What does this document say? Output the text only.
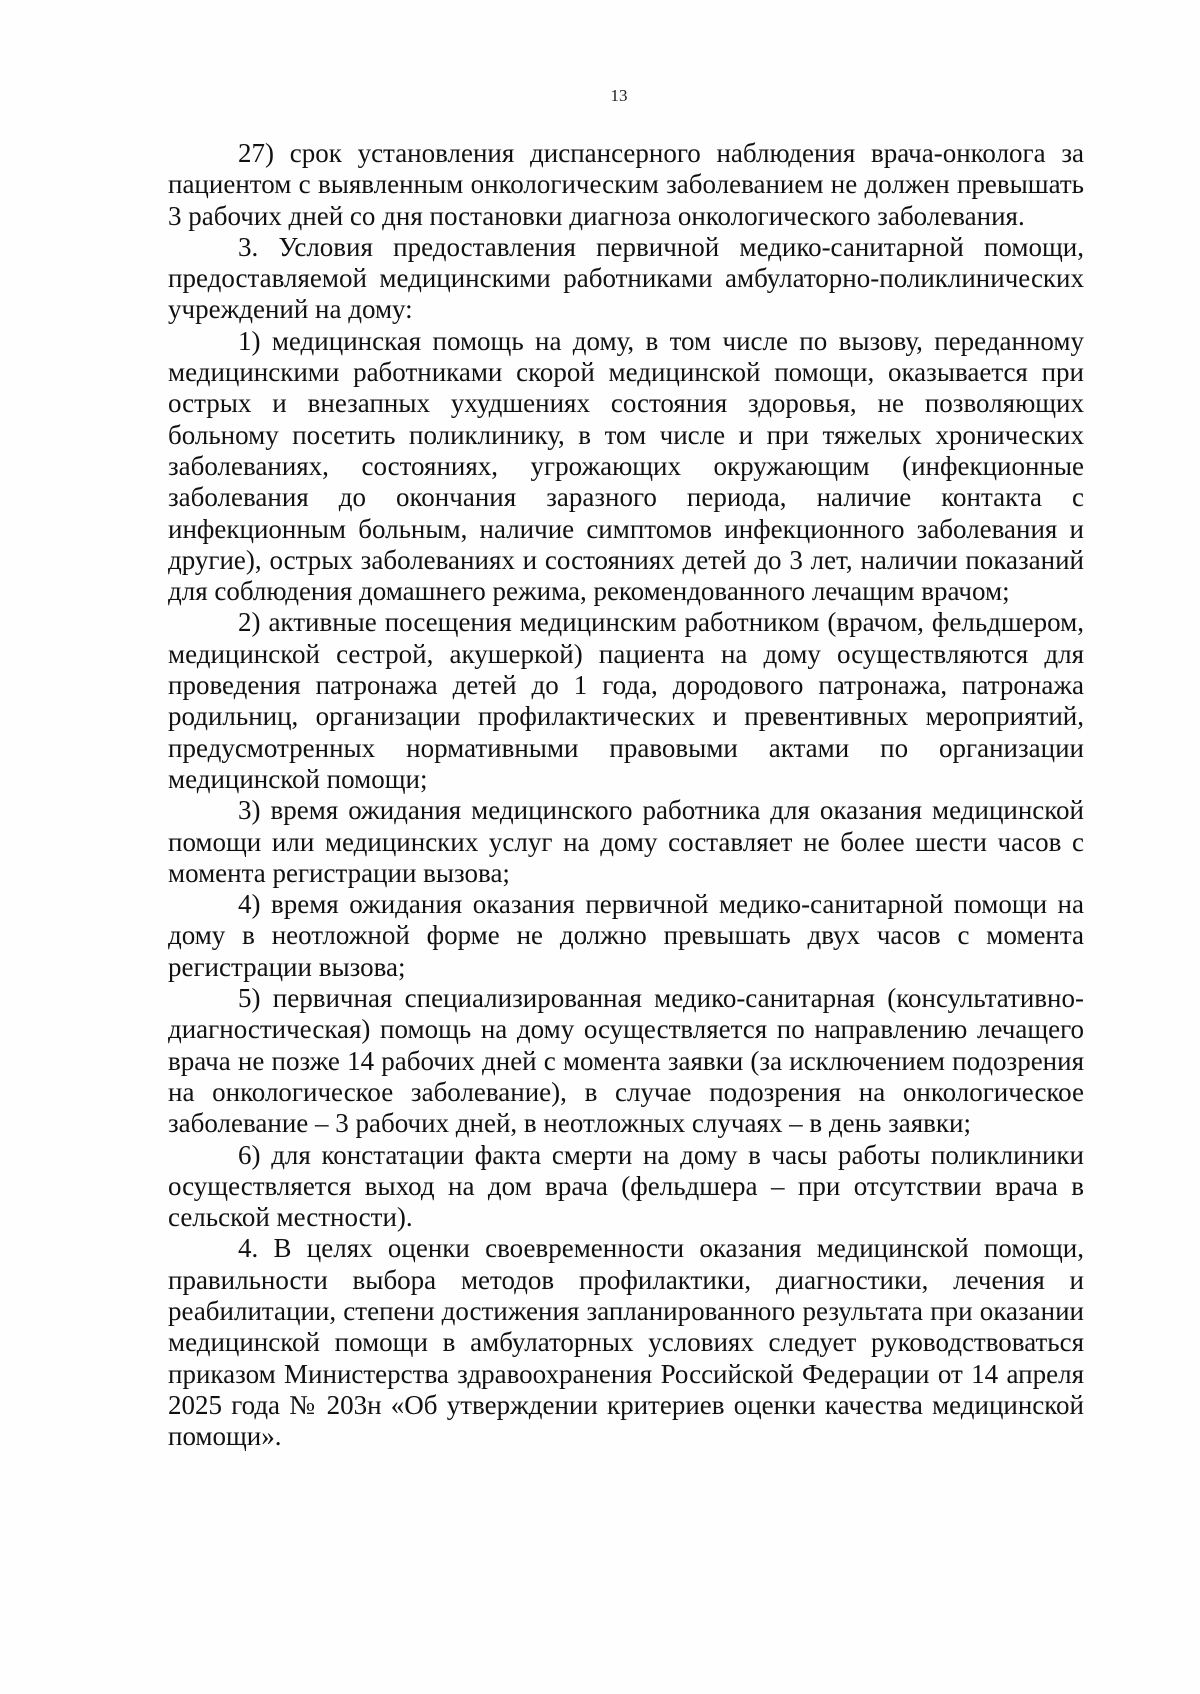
13

27) срок установления диспансерного наблюдения врача-онколога за пациентом с выявленным онкологическим заболеванием не должен превышать 3 рабочих дней со дня постановки диагноза онкологического заболевания.

3. Условия предоставления первичной медико-санитарной помощи, предоставляемой медицинскими работниками амбулаторно-поликлинических учреждений на дому:

1) медицинская помощь на дому, в том числе по вызову, переданному медицинскими работниками скорой медицинской помощи, оказывается при острых и внезапных ухудшениях состояния здоровья, не позволяющих больному посетить поликлинику, в том числе и при тяжелых хронических заболеваниях, состояниях, угрожающих окружающим (инфекционные заболевания до окончания заразного периода, наличие контакта с инфекционным больным, наличие симптомов инфекционного заболевания и другие), острых заболеваниях и состояниях детей до 3 лет, наличии показаний для соблюдения домашнего режима, рекомендованного лечащим врачом;

2) активные посещения медицинским работником (врачом, фельдшером, медицинской сестрой, акушеркой) пациента на дому осуществляются для проведения патронажа детей до 1 года, дородового патронажа, патронажа родильниц, организации профилактических и превентивных мероприятий, предусмотренных нормативными правовыми актами по организации медицинской помощи;

3) время ожидания медицинского работника для оказания медицинской помощи или медицинских услуг на дому составляет не более шести часов с момента регистрации вызова;

4) время ожидания оказания первичной медико-санитарной помощи на дому в неотложной форме не должно превышать двух часов с момента регистрации вызова;

5) первичная специализированная медико-санитарная (консультативно-диагностическая) помощь на дому осуществляется по направлению лечащего врача не позже 14 рабочих дней с момента заявки (за исключением подозрения на онкологическое заболевание), в случае подозрения на онкологическое заболевание – 3 рабочих дней, в неотложных случаях – в день заявки;

6) для констатации факта смерти на дому в часы работы поликлиники осуществляется выход на дом врача (фельдшера – при отсутствии врача в сельской местности).

4. В целях оценки своевременности оказания медицинской помощи, правильности выбора методов профилактики, диагностики, лечения и реабилитации, степени достижения запланированного результата при оказании медицинской помощи в амбулаторных условиях следует руководствоваться приказом Министерства здравоохранения Российской Федерации от 14 апреля 2025 года № 203н «Об утверждении критериев оценки качества медицинской помощи».
